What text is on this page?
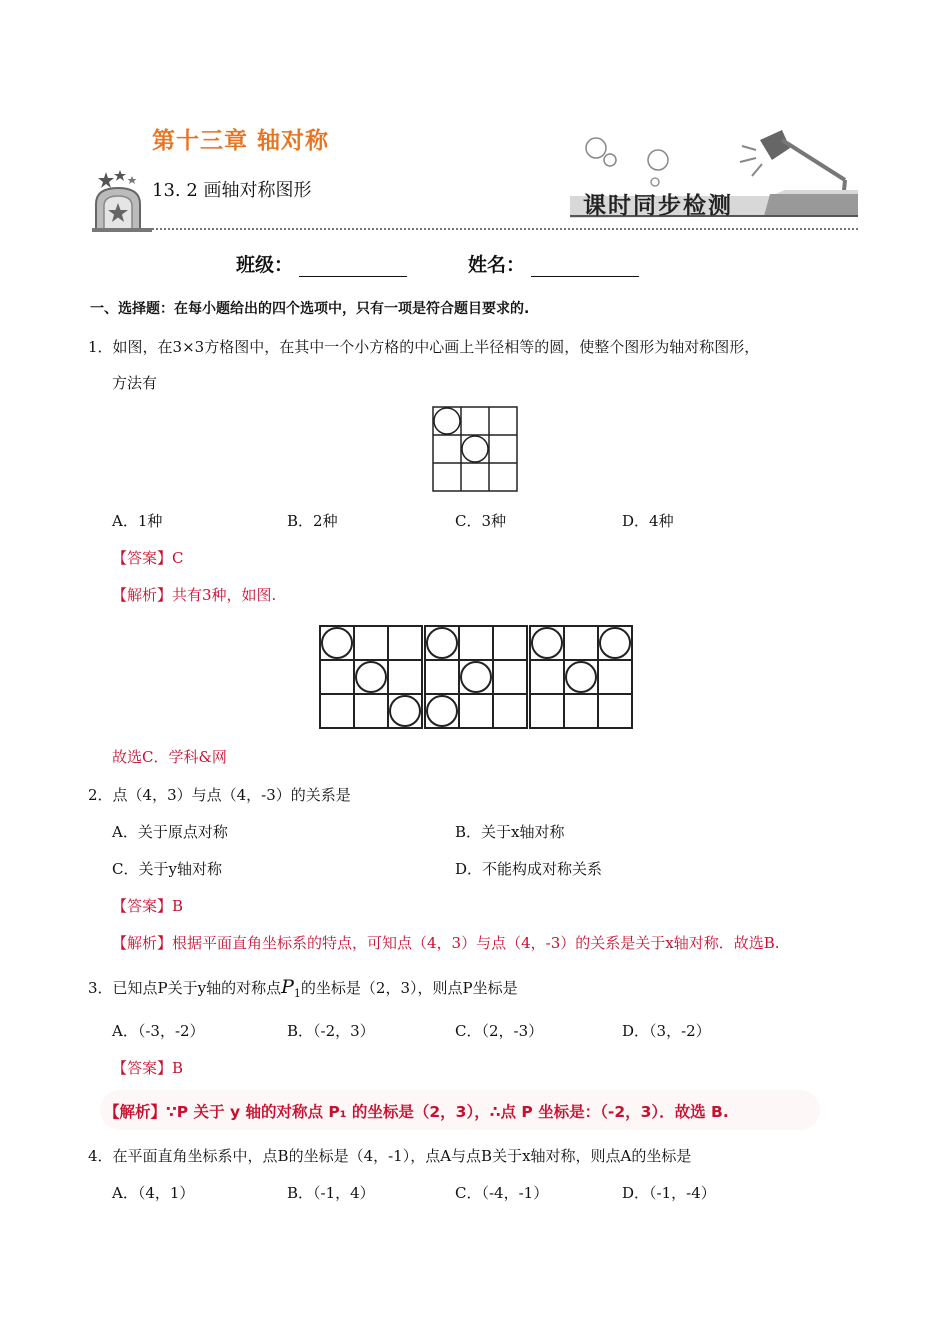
第十三章 轴对称
13. 2 画轴对称图形
课时同步检测
班级：	姓名：
一、选择题：在每小题给出的四个选项中，只有一项是符合题目要求的.
1．如图，在3×3方格图中，在其中一个小方格的中心画上半径相等的圆，使整个图形为轴对称图形，
方法有
A．1种	B．2种	C．3种	D．4种
【答案】C
【解析】共有3种，如图.
故选C．学科&网
2．点（4，3）与点（4，-3）的关系是
A．关于原点对称	B．关于x轴对称
C．关于y轴对称	D．不能构成对称关系
【答案】B
【解析】根据平面直角坐标系的特点，可知点（4，3）与点（4，-3）的关系是关于x轴对称．故选B.
3．已知点P关于y轴的对称点$P_1$的坐标是（2，3），则点P坐标是
A．（-3，-2）	B．（-2，3）	C．（2，-3）	D．（3，-2）
【答案】B
【解析】∵P 关于 y 轴的对称点 P₁ 的坐标是（2，3），∴点 P 坐标是：（-2，3）．故选 B.
4．在平面直角坐标系中，点B的坐标是（4，-1），点A与点B关于x轴对称，则点A的坐标是
A．（4，1）	B．（-1，4）	C．（-4，-1）	D．（-1，-4）
